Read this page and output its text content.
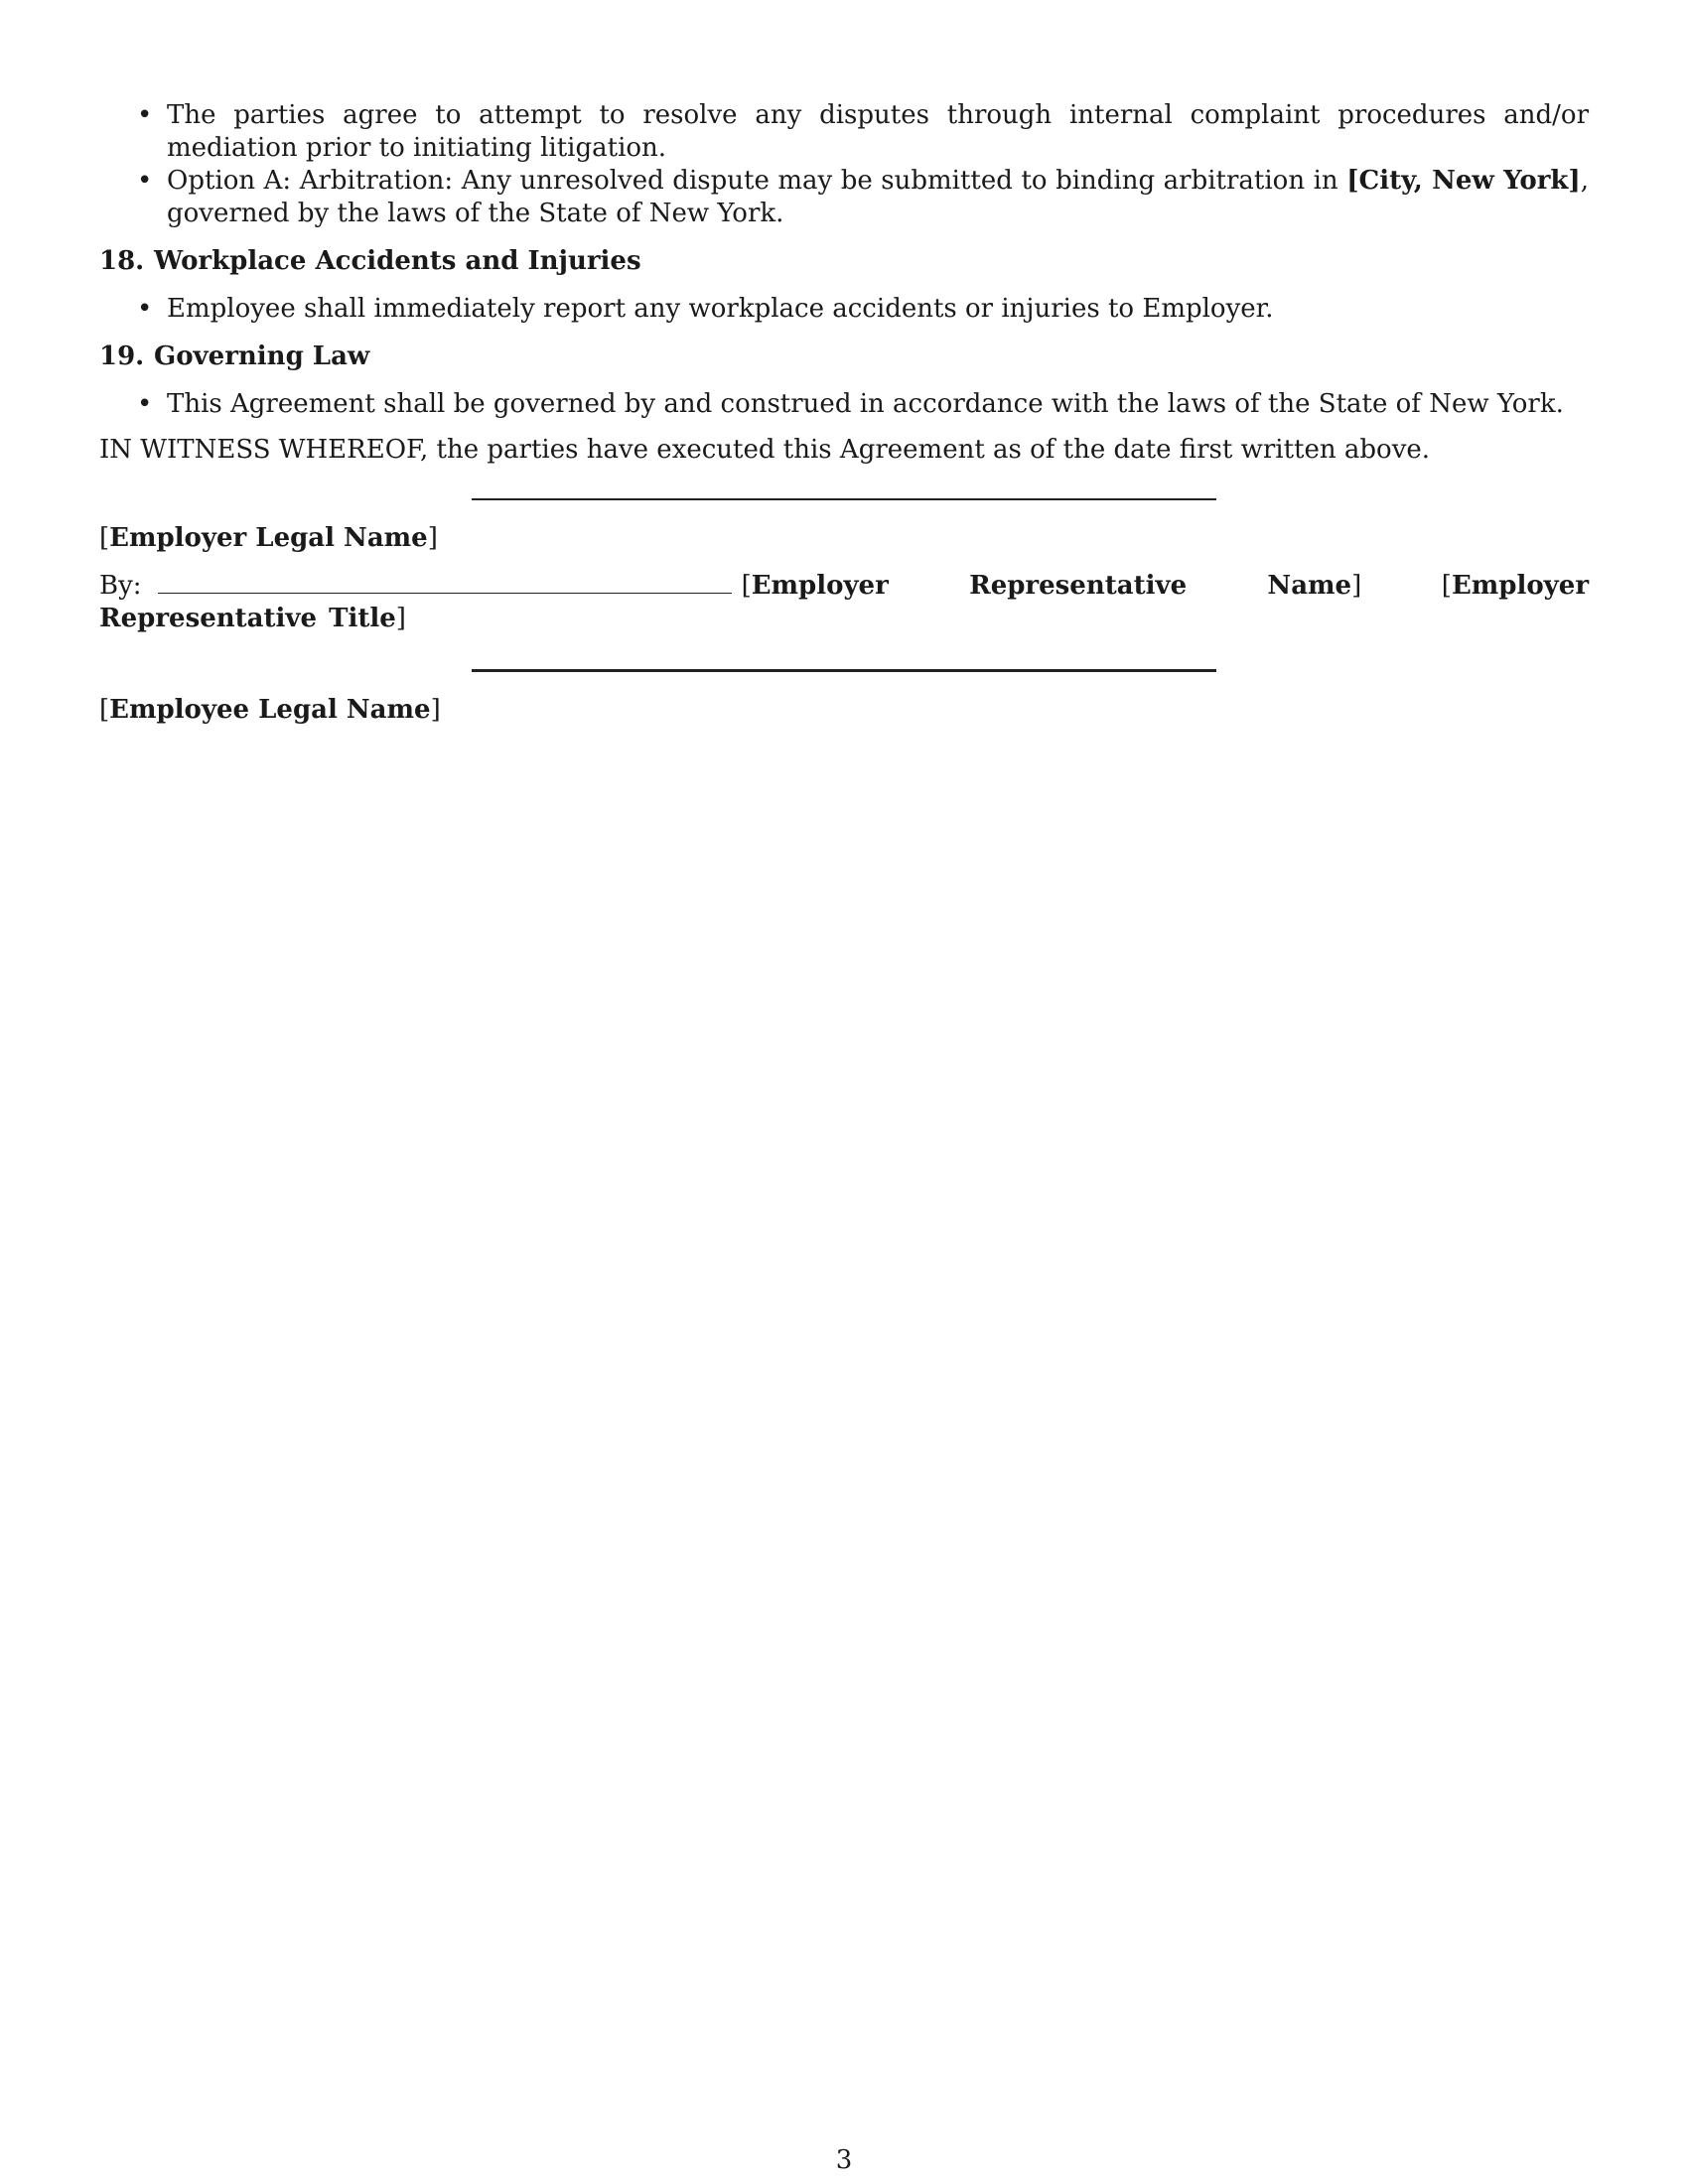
• The parties agree to attempt to resolve any disputes through internal complaint procedures and/or mediation prior to initiating litigation.
• Option A: Arbitration: Any unresolved dispute may be submitted to binding arbitration in [City, New York], governed by the laws of the State of New York.
18. Workplace Accidents and Injuries
• Employee shall immediately report any workplace accidents or injuries to Employer.
19. Governing Law
• This Agreement shall be governed by and construed in accordance with the laws of the State of New York.
IN WITNESS WHEREOF, the parties have executed this Agreement as of the date first written above.
[Employer Legal Name]
By:	[Employer Representative Name]	[Employer Representative Title]
[Employee Legal Name]
3
